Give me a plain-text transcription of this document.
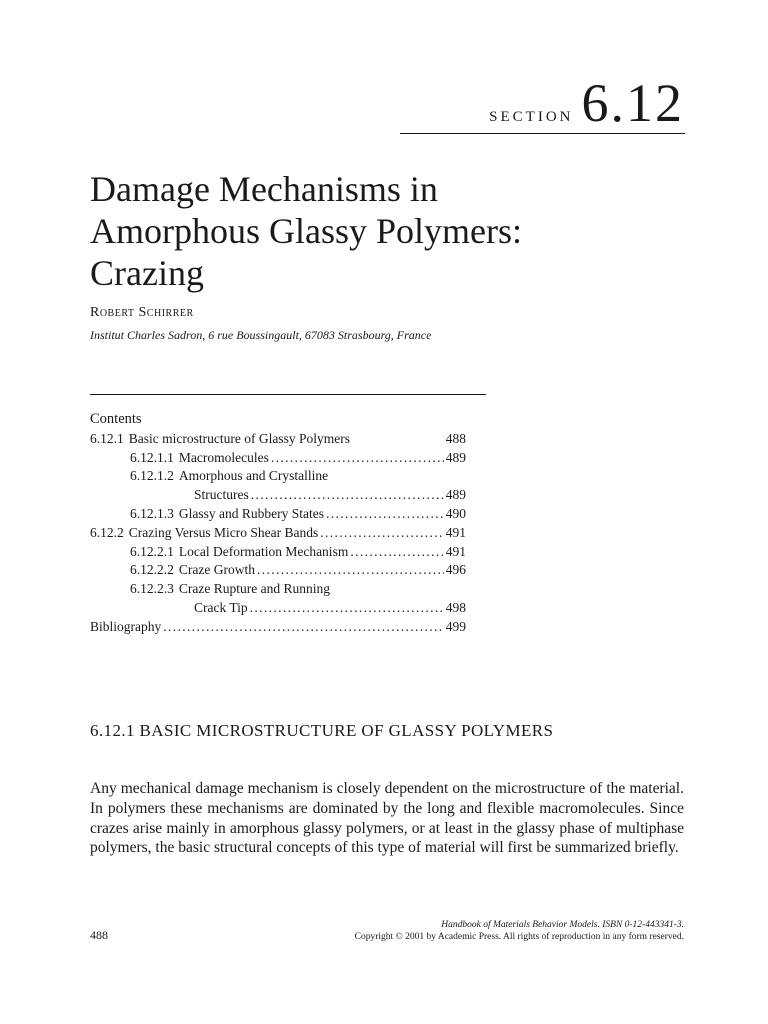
SECTION 6.12
Damage Mechanisms in Amorphous Glassy Polymers: Crazing
Robert Schirrer
Institut Charles Sadron, 6 rue Boussingault, 67083 Strasbourg, France
Contents
6.12.1 Basic microstructure of Glassy Polymers	488
6.12.1.1 Macromolecules . . .	489
6.12.1.2 Amorphous and Crystalline
Structures . . .	489
6.12.1.3 Glassy and Rubbery States . . .	490
6.12.2 Crazing Versus Micro Shear Bands . . .	491
6.12.2.1 Local Deformation Mechanism . . .	491
6.12.2.2 Craze Growth . . .	496
6.12.2.3 Craze Rupture and Running
Crack Tip . . .	498
Bibliography . . .	499
6.12.1 BASIC MICROSTRUCTURE OF GLASSY POLYMERS

Any mechanical damage mechanism is closely dependent on the microstructure of the material. In polymers these mechanisms are dominated by the long and flexible macromolecules. Since crazes arise mainly in amorphous glassy polymers, or at least in the glassy phase of multiphase polymers, the basic structural concepts of this type of material will first be summarized briefly.

488
Handbook of Materials Behavior Models. ISBN 0-12-443341-3.
Copyright © 2001 by Academic Press. All rights of reproduction in any form reserved.
